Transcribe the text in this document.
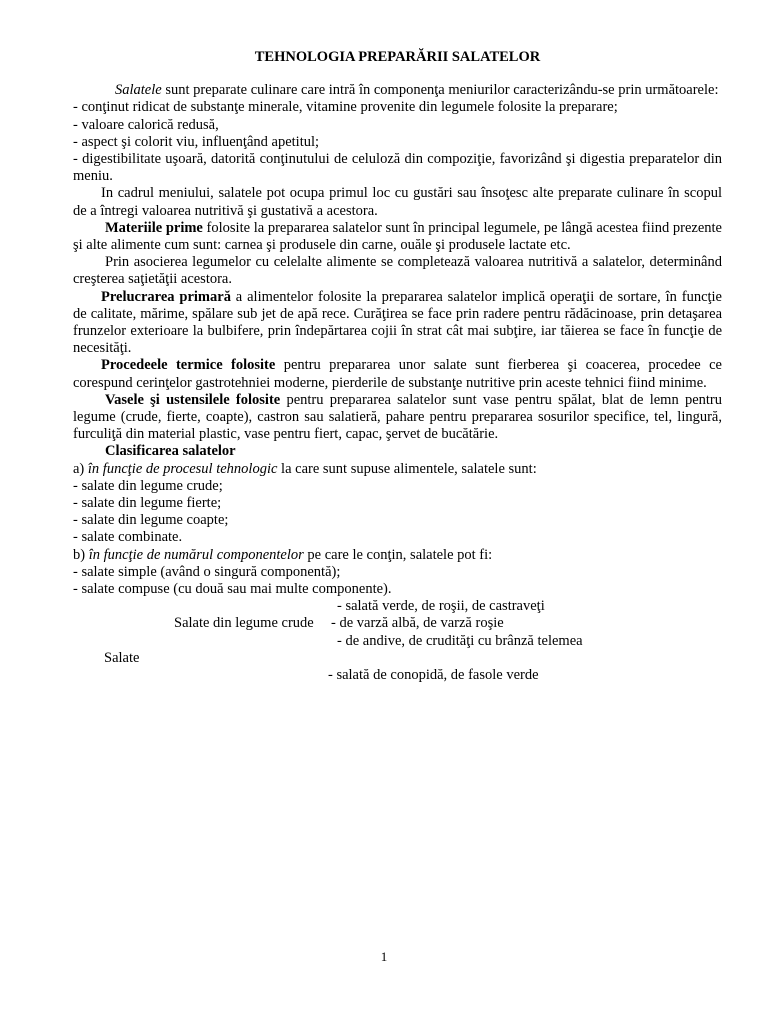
TEHNOLOGIA PREPARĂRII SALATELOR

Salatele sunt preparate culinare care intră în componenţa meniurilor caracterizându-se prin următoarele:

- conţinut ridicat de substanţe minerale, vitamine provenite din legumele folosite la preparare;

- valoare calorică redusă,

- aspect şi colorit viu, influenţând apetitul;

- digestibilitate uşoară, datorită conţinutului de celuloză din compoziţie, favorizând şi digestia preparatelor din meniu.

In cadrul meniului, salatele pot ocupa primul loc cu gustări sau însoţesc alte preparate culinare în scopul de a întregi valoarea nutritivă şi gustativă a acestora.

Materiile prime folosite la prepararea salatelor sunt în principal legumele, pe lângă acestea fiind prezente şi alte alimente cum sunt: carnea şi produsele din carne, ouăle şi produsele lactate etc.

Prin asocierea legumelor cu celelalte alimente se completează valoarea nutritivă a salatelor, determinând creşterea saţietăţii acestora.

Prelucrarea primară a alimentelor folosite la prepararea salatelor implică operaţii de sortare, în funcţie de calitate, mărime, spălare sub jet de apă rece. Curăţirea se face prin radere pentru rădăcinoase, prin detaşarea frunzelor exterioare la bulbifere, prin îndepărtarea cojii în strat cât mai subţire, iar tăierea se face în funcţie de necesităţi.

Procedeele termice folosite pentru prepararea unor salate sunt fierberea şi coacerea, procedee ce corespund cerinţelor gastrotehniei moderne, pierderile de substanţe nutritive prin aceste tehnici fiind minime.

Vasele şi ustensilele folosite pentru prepararea salatelor sunt vase pentru spălat, blat de lemn pentru legume (crude, fierte, coapte), castron sau salatieră, pahare pentru prepararea sosurilor specifice, tel, lingură, furculiţă din material plastic, vase pentru fiert, capac, şervet de bucătărie.

Clasificarea salatelor

a) în funcţie de procesul tehnologic la care sunt supuse alimentele, salatele sunt:

- salate din legume crude;

- salate din legume fierte;

- salate din legume coapte;

- salate combinate.

b) în funcţie de numărul componentelor pe care le conţin, salatele pot fi:

- salate simple (având o singură componentă);

- salate compuse (cu două sau mai multe componente).

- salată verde, de roşii, de castraveţi
Salate din legume crude - de varză albă, de varză roşie
- de andive, de crudităţi cu brânză telemea
Salate
- salată de conopidă, de fasole verde
1
